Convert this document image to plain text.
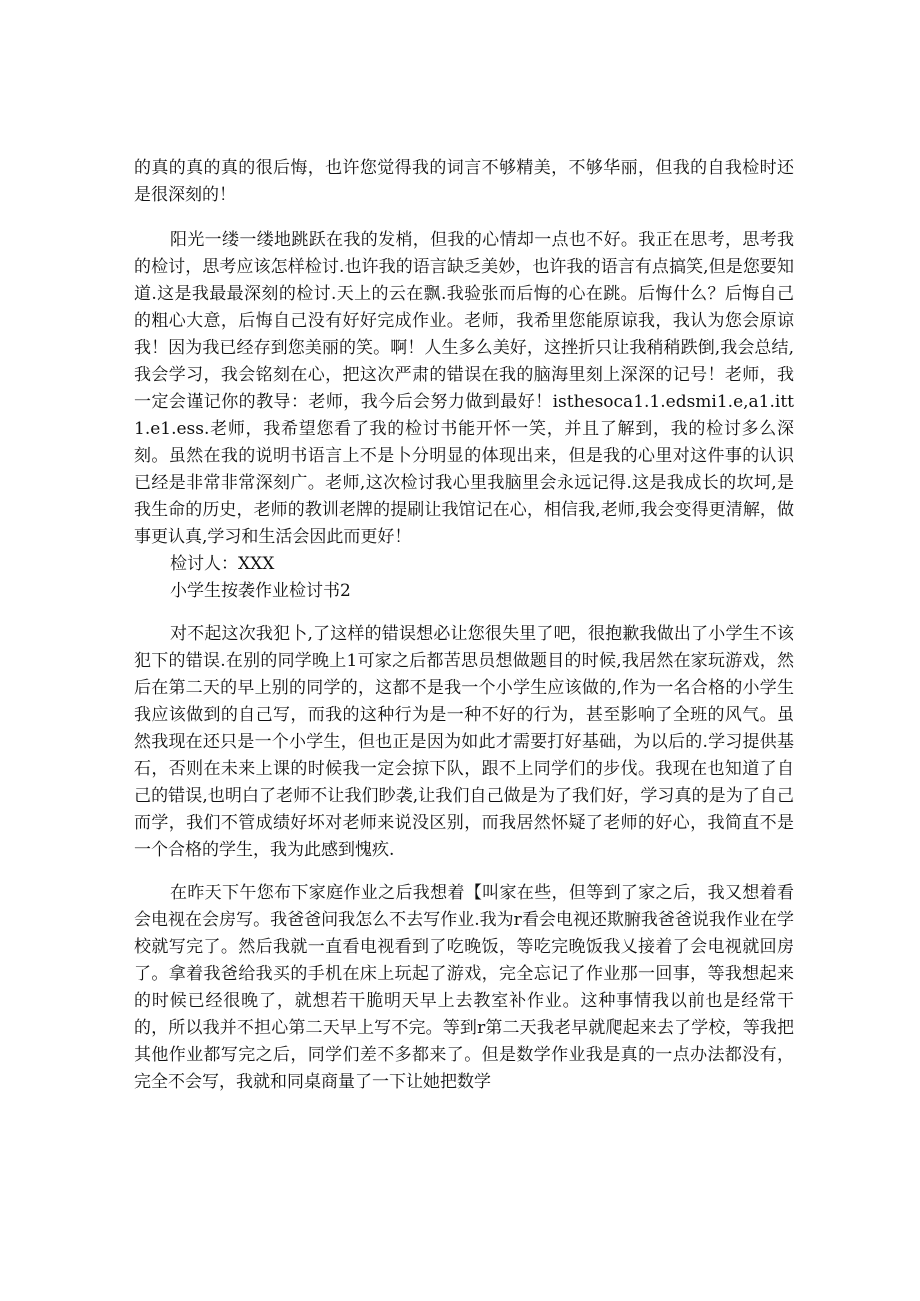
的真的真的真的很后悔，也许您觉得我的词言不够精美，不够华丽，但我的自我检时还是很深刻的！

阳光一缕一缕地跳跃在我的发梢，但我的心情却一点也不好。我正在思考，思考我的检讨，思考应该怎样检讨.也许我的语言缺乏美妙，也许我的语言有点搞笑,但是您要知道.这是我最最深刻的检讨.天上的云在飘.我验张而后悔的心在跳。后悔什么？后悔自己的粗心大意，后悔自己没有好好完成作业。老师，我希里您能原谅我，我认为您会原谅我！因为我已经存到您美丽的笑。啊！人生多么美好，这挫折只让我稍稍跌倒,我会总结,我会学习，我会铭刻在心，把这次严肃的错误在我的脑海里刻上深深的记号！老师，我一定会谨记你的教导：老师，我今后会努力做到最好！isthesoca1.1.edsmi1.e,a1.itt1.e1.ess.老师，我希望您看了我的检讨书能开怀一笑，并且了解到，我的检讨多么深刻。虽然在我的说明书语言上不是卜分明显的体现出来，但是我的心里对这件事的认识已经是非常非常深刻广。老师,这次检讨我心里我脑里会永远记得.这是我成长的坎坷,是我生命的历史，老师的教训老牌的提刷让我馆记在心，相信我,老师,我会变得更清解，做事更认真,学习和生活会因此而更好！

检讨人：XXX

小学生按袭作业检讨书2

对不起这次我犯卜,了这样的错误想必让您很失里了吧，很抱歉我做出了小学生不该犯下的错误.在别的同学晚上1可家之后都苦思员想做题目的时候,我居然在家玩游戏，然后在第二天的早上别的同学的，这都不是我一个小学生应该做的,作为一名合格的小学生我应该做到的自己写，而我的这种行为是一种不好的行为，甚至影响了全班的风气。虽然我现在还只是一个小学生，但也正是因为如此才需要打好基础，为以后的.学习提供基石，否则在未来上课的时候我一定会掠下队，跟不上同学们的步伐。我现在也知道了自己的错误,也明白了老师不让我们眇袭,让我们自己做是为了我们好，学习真的是为了自己而学，我们不管成绩好坏对老师来说没区别，而我居然怀疑了老师的好心，我简直不是一个合格的学生，我为此感到愧疚.

在昨天下午您布下家庭作业之后我想着【叫家在些，但等到了家之后，我又想着看会电视在会房写。我爸爸问我怎么不去写作业.我为r看会电视还欺腑我爸爸说我作业在学校就写完了。然后我就一直看电视看到了吃晚饭，等吃完晚饭我乂接着了会电视就回房了。拿着我爸给我买的手机在床上玩起了游戏，完全忘记了作业那一回事，等我想起来的时候已经很晚了，就想若干脆明天早上去教室补作业。这种事情我以前也是经常干的，所以我并不担心第二天早上写不完。等到r第二天我老早就爬起来去了学校，等我把其他作业都写完之后，同学们差不多都来了。但是数学作业我是真的一点办法都没有，完全不会写，我就和同桌商量了一下让她把数学
